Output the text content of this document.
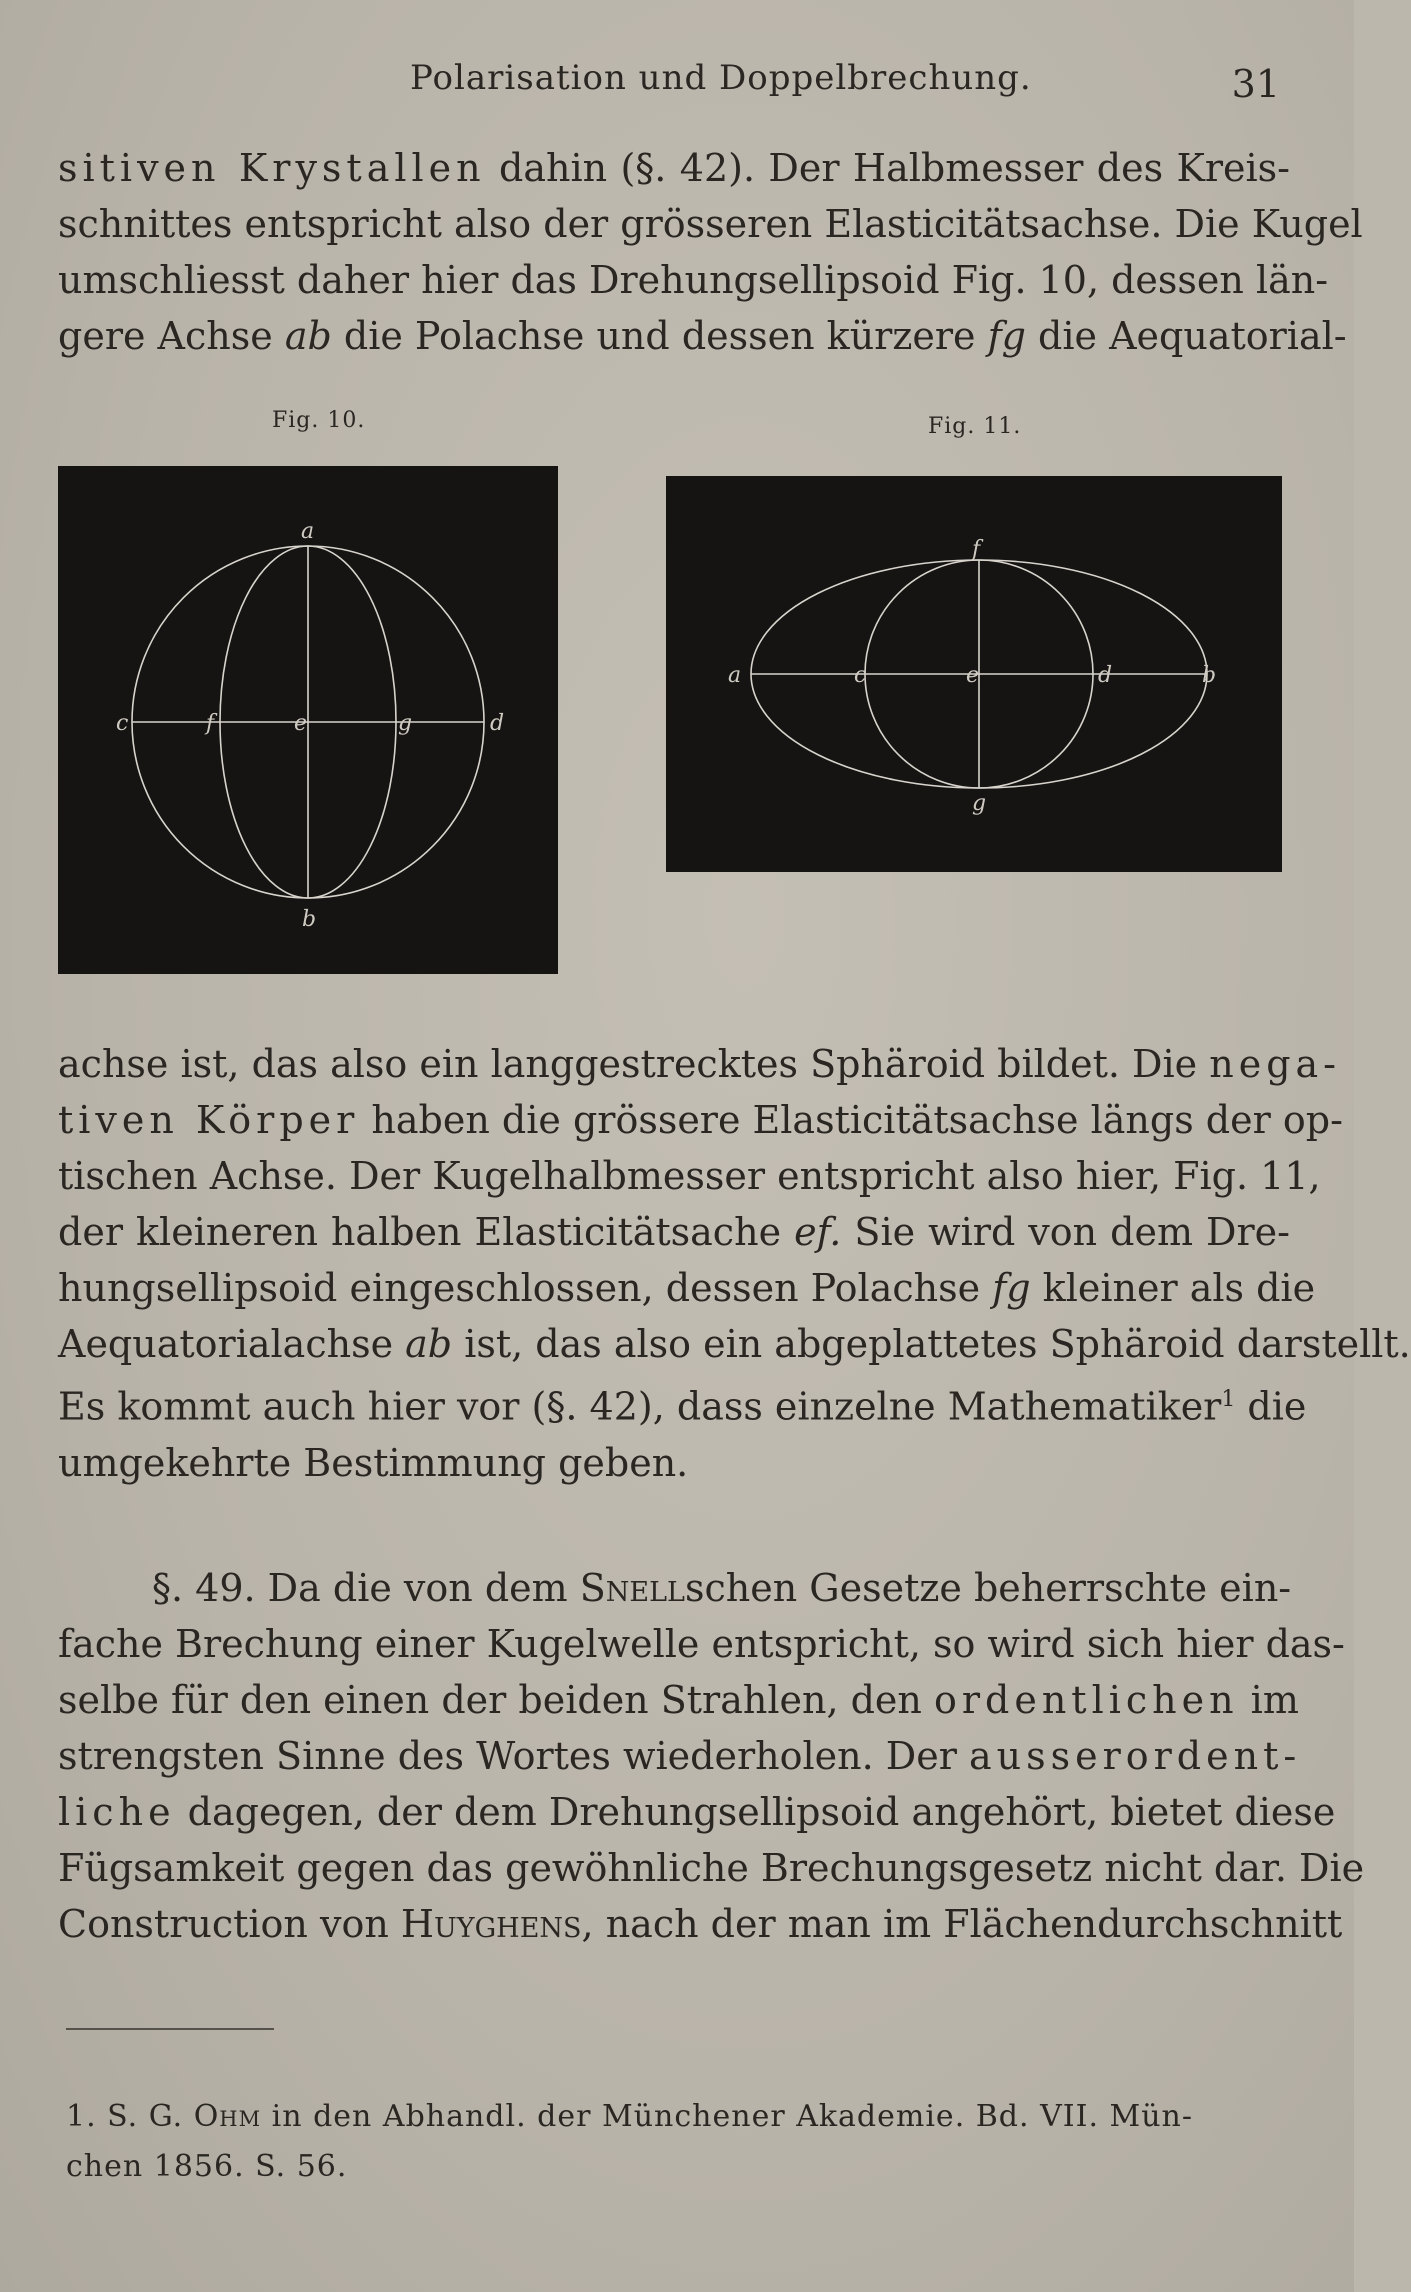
Polarisation und Doppelbrechung.	31
sitiven Krystallen dahin (§. 42). Der Halbmesser des Kreis-
schnittes entspricht also der grösseren Elasticitätsachse. Die Kugel
umschliesst daher hier das Drehungsellipsoid Fig. 10, dessen län-
gere Achse ab die Polachse und dessen kürzere fg die Aequatorial-
Fig. 10.	Fig. 11.
a
b
c	d
e
f	g
a	b
c	d
e
f
g
achse ist, das also ein langgestrecktes Sphäroid bildet. Die nega-
tiven Körper haben die grössere Elasticitätsachse längs der op-
tischen Achse. Der Kugelhalbmesser entspricht also hier, Fig. 11,
der kleineren halben Elasticitätsache ef. Sie wird von dem Dre-
hungsellipsoid eingeschlossen, dessen Polachse fg kleiner als die
Aequatorialachse ab ist, das also ein abgeplattetes Sphäroid darstellt.
Es kommt auch hier vor (§. 42), dass einzelne Mathematiker$^1$ die
umgekehrte Bestimmung geben.
§. 49. Da die von dem Snellschen Gesetze beherrschte ein-
fache Brechung einer Kugelwelle entspricht, so wird sich hier das-
selbe für den einen der beiden Strahlen, den ordentlichen im
strengsten Sinne des Wortes wiederholen. Der ausserordent-
liche dagegen, der dem Drehungsellipsoid angehört, bietet diese
Fügsamkeit gegen das gewöhnliche Brechungsgesetz nicht dar. Die
Construction von Huyghens, nach der man im Flächendurchschnitt
1. S. G. Ohm in den Abhandl. der Münchener Akademie. Bd. VII. Mün-
chen 1856. S. 56.
